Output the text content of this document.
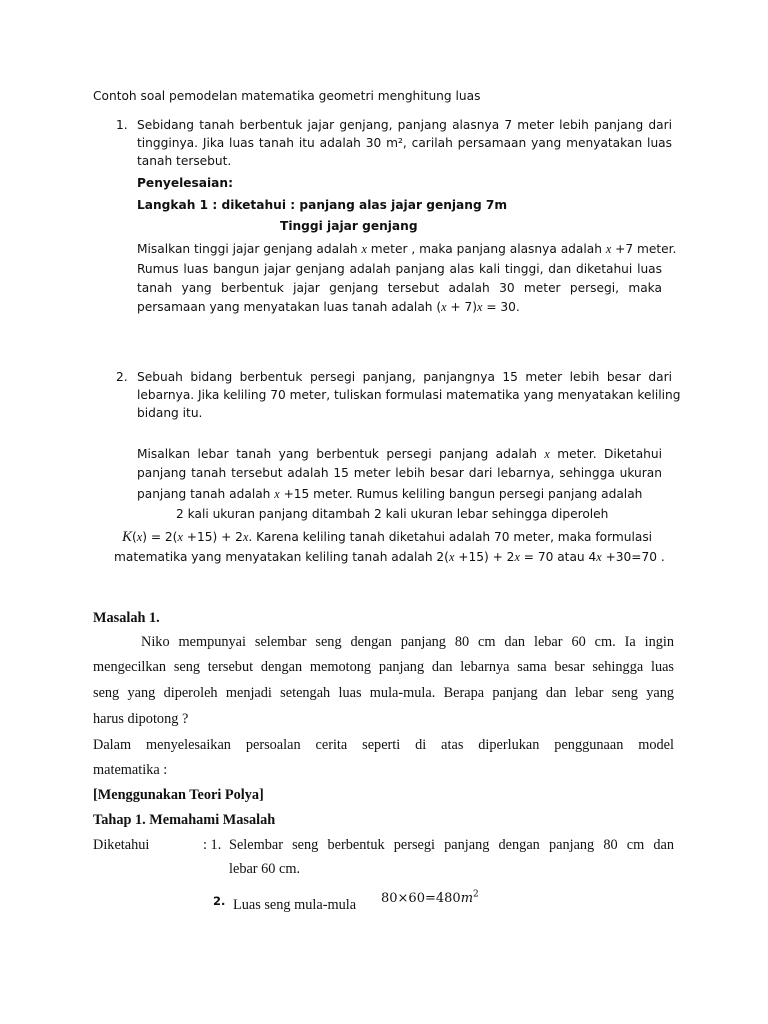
Contoh soal pemodelan matematika geometri menghitung luas
1. Sebidang tanah berbentuk jajar genjang, panjang alasnya 7 meter lebih panjang dari
tingginya. Jika luas tanah itu adalah 30 m², carilah persamaan yang menyatakan luas
tanah tersebut.
Penyelesaian:
Langkah 1 : diketahui : panjang alas jajar genjang 7m
Tinggi jajar genjang
Misalkan tinggi jajar genjang adalah x meter , maka panjang alasnya adalah x +7 meter.
Rumus luas bangun jajar genjang adalah panjang alas kali tinggi, dan diketahui luas
tanah yang berbentuk jajar genjang tersebut adalah 30 meter persegi, maka
persamaan yang menyatakan luas tanah adalah (x + 7)x = 30.
2. Sebuah bidang berbentuk persegi panjang, panjangnya 15 meter lebih besar dari
lebarnya. Jika keliling 70 meter, tuliskan formulasi matematika yang menyatakan keliling
bidang itu.
Misalkan lebar tanah yang berbentuk persegi panjang adalah x meter. Diketahui
panjang tanah tersebut adalah 15 meter lebih besar dari lebarnya, sehingga ukuran
panjang tanah adalah x +15 meter. Rumus keliling bangun persegi panjang adalah
2 kali ukuran panjang ditambah 2 kali ukuran lebar sehingga diperoleh
K(x) = 2(x +15) + 2x. Karena keliling tanah diketahui adalah 70 meter, maka formulasi
matematika yang menyatakan keliling tanah adalah 2(x +15) + 2x = 70 atau 4x +30=70 .
Masalah 1.
Niko mempunyai selembar seng dengan panjang 80 cm dan lebar 60 cm. Ia ingin
mengecilkan seng tersebut dengan memotong panjang dan lebarnya sama besar sehingga luas
seng yang diperoleh menjadi setengah luas mula-mula. Berapa panjang dan lebar seng yang
harus dipotong ?
Dalam menyelesaikan persoalan cerita seperti di atas diperlukan penggunaan model
matematika :
[Menggunakan Teori Polya]
Tahap 1. Memahami Masalah
Diketahui	: 1. Selembar seng berbentuk persegi panjang dengan panjang 80 cm dan
lebar 60 cm.
2. Luas seng mula-mula $80\times 60=480m^2$
